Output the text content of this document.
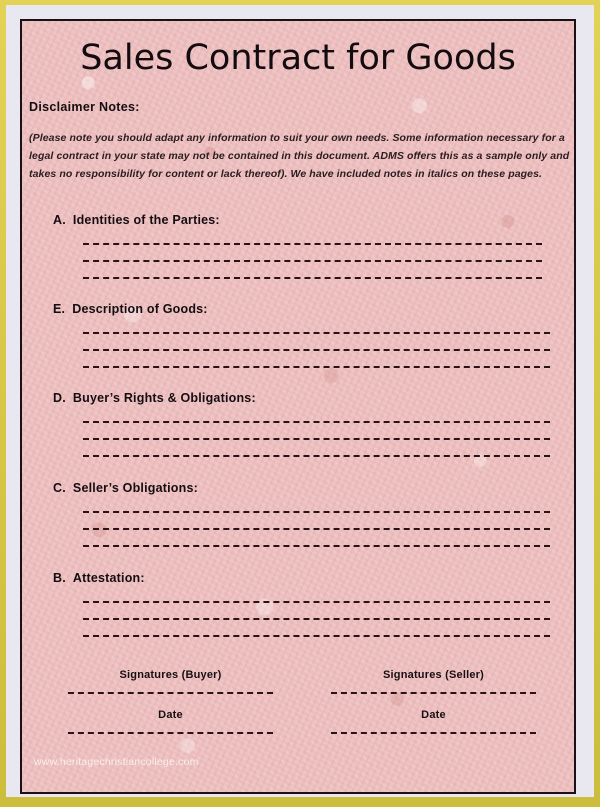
Sales Contract for Goods
Disclaimer Notes:
(Please note you should adapt any information to suit your own needs. Some information necessary for a
legal contract in your state may not be contained in this document. ADMS offers this as a sample only and
takes no responsibility for content or lack thereof). We have included notes in italics on these pages.
A. Identities of the Parties:
E. Description of Goods:
D. Buyer’s Rights & Obligations:
C. Seller’s Obligations:
B. Attestation:
Signatures (Buyer)
Date
Signatures (Seller)
Date
www.heritagechristiancollege.com
